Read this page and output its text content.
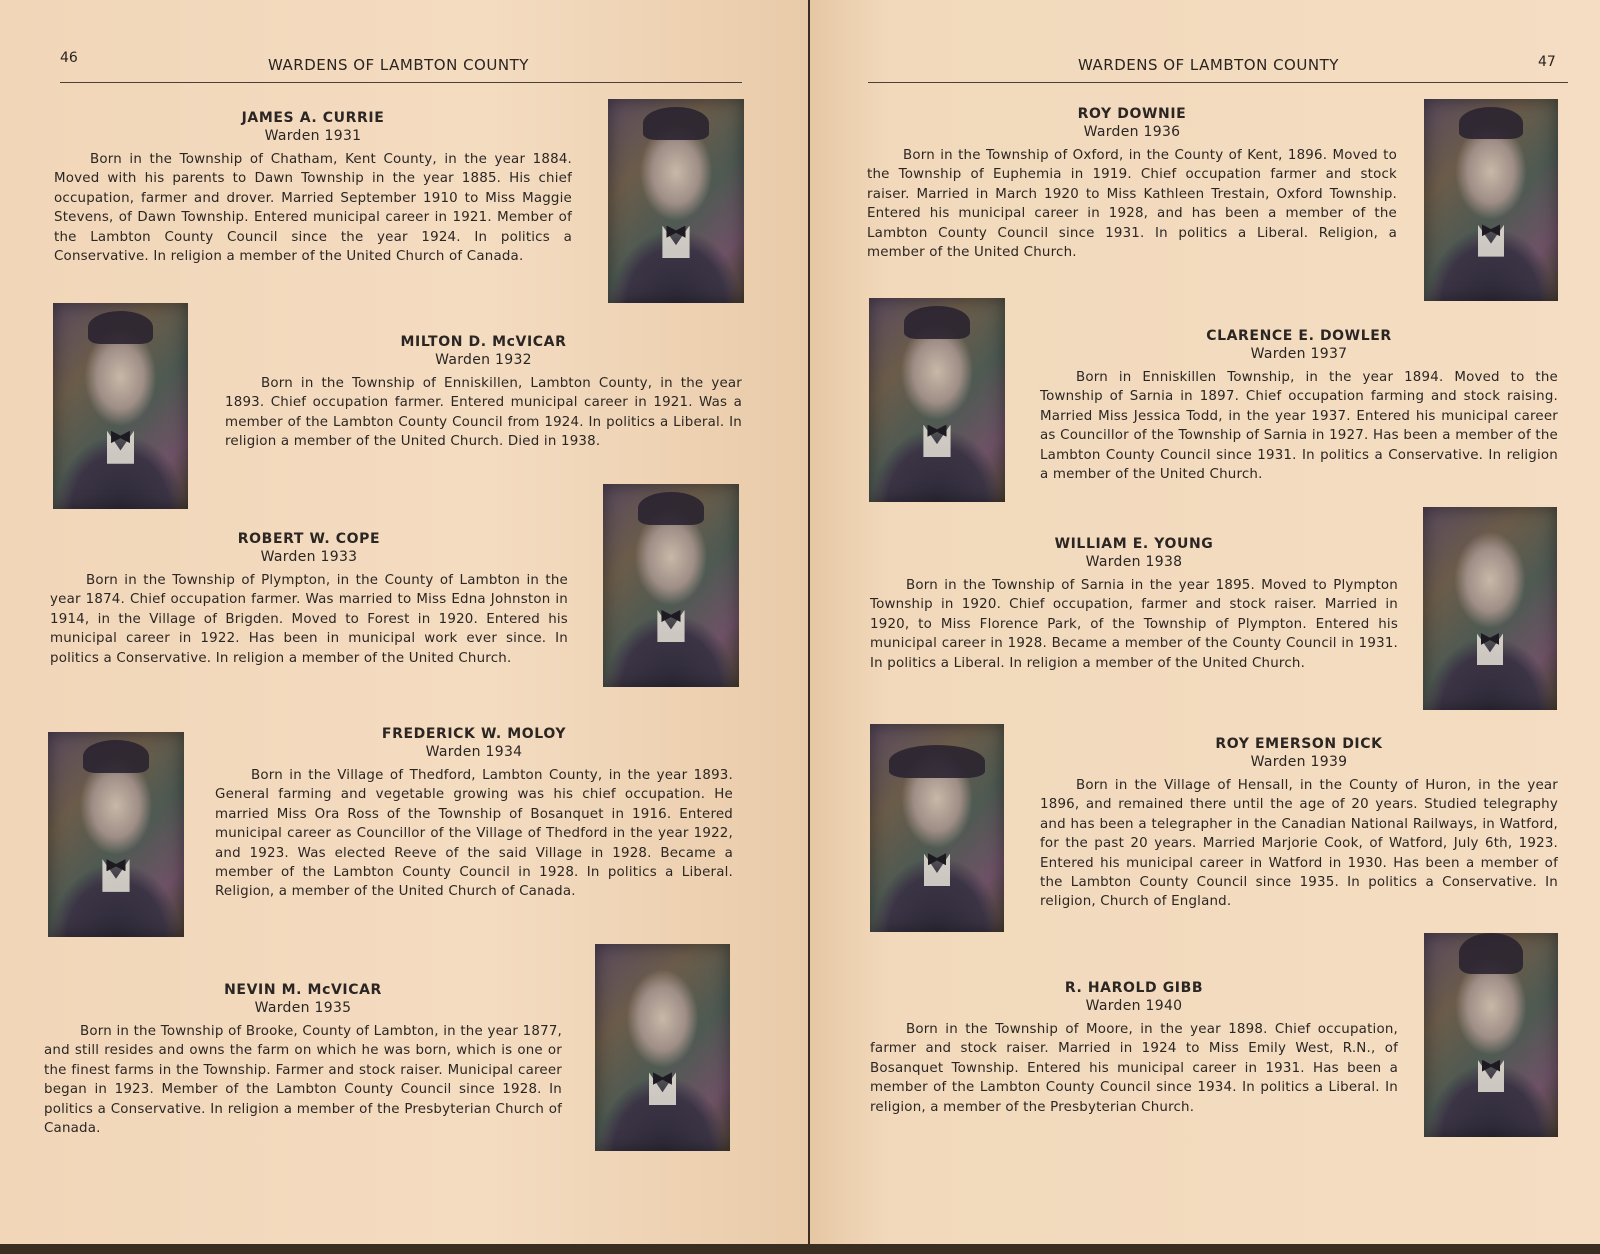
46	WARDENS OF LAMBTON COUNTY

JAMES A. CURRIE

Warden 1931

Born in the Township of Chatham, Kent County, in the year 1884. Moved with his parents to Dawn Township in the year 1885. His chief occupation, farmer and drover. Married September 1910 to Miss Maggie Stevens, of Dawn Township. Entered municipal career in 1921. Member of the Lambton County Council since the year 1924. In politics a Conservative. In religion a member of the United Church of Canada.

MILTON D. McVICAR

Warden 1932

Born in the Township of Enniskillen, Lambton County, in the year 1893. Chief occupation farmer. Entered municipal career in 1921. Was a member of the Lambton County Council from 1924. In politics a Liberal. In religion a member of the United Church. Died in 1938.

ROBERT W. COPE

Warden 1933

Born in the Township of Plympton, in the County of Lambton in the year 1874. Chief occupation farmer. Was married to Miss Edna Johnston in 1914, in the Village of Brigden. Moved to Forest in 1920. Entered his municipal career in 1922. Has been in municipal work ever since. In politics a Conservative. In religion a member of the United Church.

FREDERICK W. MOLOY

Warden 1934

Born in the Village of Thedford, Lambton County, in the year 1893. General farming and vegetable growing was his chief occupation. He married Miss Ora Ross of the Township of Bosanquet in 1916. Entered municipal career as Councillor of the Village of Thedford in the year 1922, and 1923. Was elected Reeve of the said Village in 1928. Became a member of the Lambton County Council in 1928. In politics a Liberal. Religion, a member of the United Church of Canada.

NEVIN M. McVICAR

Warden 1935

Born in the Township of Brooke, County of Lambton, in the year 1877, and still resides and owns the farm on which he was born, which is one or the finest farms in the Township. Farmer and stock raiser. Municipal career began in 1923. Member of the Lambton County Council since 1928. In politics a Conservative. In religion a member of the Presbyterian Church of Canada.

WARDENS OF LAMBTON COUNTY	47

ROY DOWNIE

Warden 1936

Born in the Township of Oxford, in the County of Kent, 1896. Moved to the Township of Euphemia in 1919. Chief occupation farmer and stock raiser. Married in March 1920 to Miss Kathleen Trestain, Oxford Township. Entered his municipal career in 1928, and has been a member of the Lambton County Council since 1931. In politics a Liberal. Religion, a member of the United Church.

CLARENCE E. DOWLER

Warden 1937

Born in Enniskillen Township, in the year 1894. Moved to the Township of Sarnia in 1897. Chief occupation farming and stock raising. Married Miss Jessica Todd, in the year 1937. Entered his municipal career as Councillor of the Township of Sarnia in 1927. Has been a member of the Lambton County Council since 1931. In politics a Conservative. In religion a member of the United Church.

WILLIAM E. YOUNG

Warden 1938

Born in the Township of Sarnia in the year 1895. Moved to Plympton Township in 1920. Chief occupation, farmer and stock raiser. Married in 1920, to Miss Florence Park, of the Township of Plympton. Entered his municipal career in 1928. Became a member of the County Council in 1931. In politics a Liberal. In religion a member of the United Church.

ROY EMERSON DICK

Warden 1939

Born in the Village of Hensall, in the County of Huron, in the year 1896, and remained there until the age of 20 years. Studied telegraphy and has been a telegrapher in the Canadian National Railways, in Watford, for the past 20 years. Married Marjorie Cook, of Watford, July 6th, 1923. Entered his municipal career in Watford in 1930. Has been a member of the Lambton County Council since 1935. In politics a Conservative. In religion, Church of England.

R. HAROLD GIBB

Warden 1940

Born in the Township of Moore, in the year 1898. Chief occupation, farmer and stock raiser. Married in 1924 to Miss Emily West, R.N., of Bosanquet Township. Entered his municipal career in 1931. Has been a member of the Lambton County Council since 1934. In politics a Liberal. In religion, a member of the Presbyterian Church.
